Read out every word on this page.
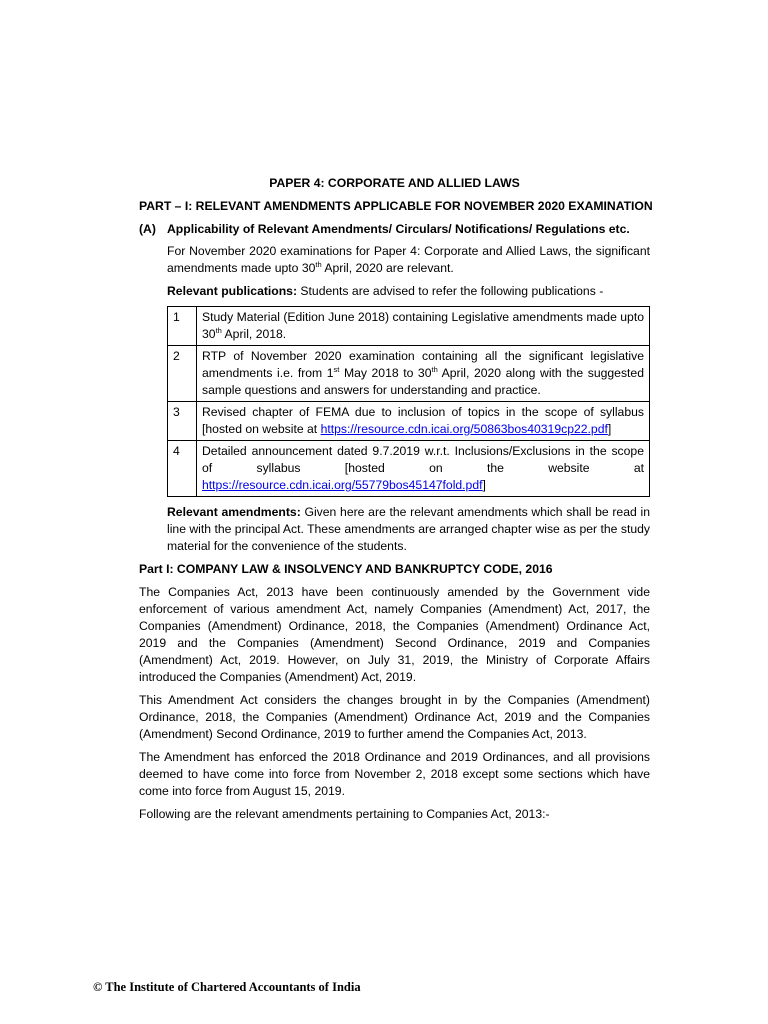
PAPER 4: CORPORATE AND ALLIED LAWS
PART – I: RELEVANT AMENDMENTS APPLICABLE FOR NOVEMBER 2020 EXAMINATION
(A) Applicability of Relevant Amendments/ Circulars/ Notifications/ Regulations etc.

For November 2020 examinations for Paper 4: Corporate and Allied Laws, the significant amendments made upto 30th April, 2020 are relevant.

Relevant publications: Students are advised to refer the following publications -

1	Study Material (Edition June 2018) containing Legislative amendments made upto 30th April, 2018.
2	RTP of November 2020 examination containing all the significant legislative amendments i.e. from 1st May 2018 to 30th April, 2020 along with the suggested sample questions and answers for understanding and practice.
3	Revised chapter of FEMA due to inclusion of topics in the scope of syllabus [hosted on website at https://resource.cdn.icai.org/50863bos40319cp22.pdf]
4	Detailed announcement dated 9.7.2019 w.r.t. Inclusions/Exclusions in the scope of syllabus [hosted on the website at https://resource.cdn.icai.org/55779bos45147fold.pdf]

Relevant amendments: Given here are the relevant amendments which shall be read in line with the principal Act. These amendments are arranged chapter wise as per the study material for the convenience of the students.

Part I: COMPANY LAW & INSOLVENCY AND BANKRUPTCY CODE, 2016

The Companies Act, 2013 have been continuously amended by the Government vide enforcement of various amendment Act, namely Companies (Amendment) Act, 2017, the Companies (Amendment) Ordinance, 2018, the Companies (Amendment) Ordinance Act, 2019 and the Companies (Amendment) Second Ordinance, 2019 and Companies (Amendment) Act, 2019. However, on July 31, 2019, the Ministry of Corporate Affairs introduced the Companies (Amendment) Act, 2019.

This Amendment Act considers the changes brought in by the Companies (Amendment) Ordinance, 2018, the Companies (Amendment) Ordinance Act, 2019 and the Companies (Amendment) Second Ordinance, 2019 to further amend the Companies Act, 2013.

The Amendment has enforced the 2018 Ordinance and 2019 Ordinances, and all provisions deemed to have come into force from November 2, 2018 except some sections which have come into force from August 15, 2019.

Following are the relevant amendments pertaining to Companies Act, 2013:-

© The Institute of Chartered Accountants of India
